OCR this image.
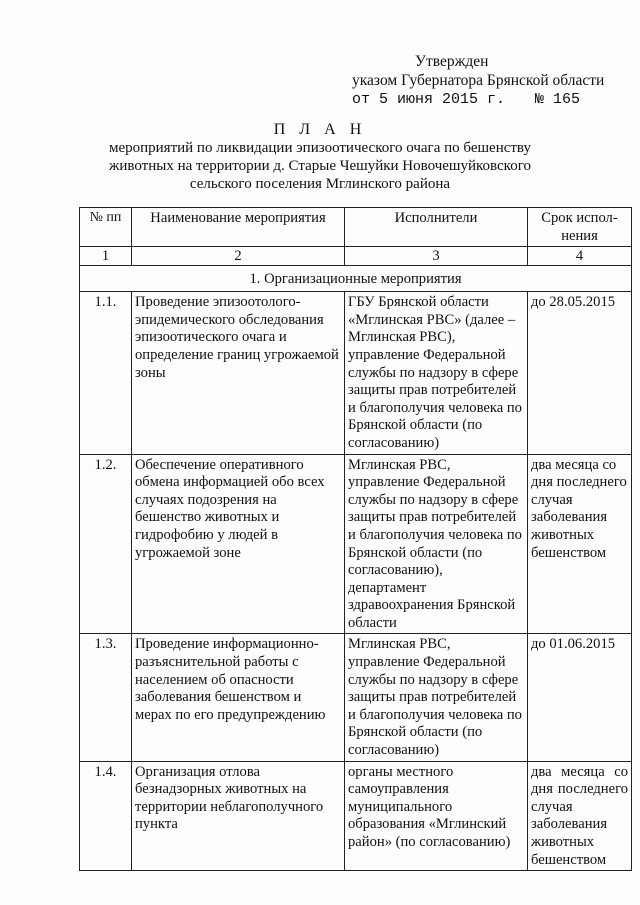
Утвержден
указом Губернатора Брянской области
от 5 июня 2015 г. № 165
П Л А Н
мероприятий по ликвидации эпизоотического очага по бешенству животных на территории д. Старые Чешуйки Новочешуйковского сельского поселения Мглинского района
№ пп	Наименование мероприятия	Исполнители	Срок испол-нения
1	2	3	4
1. Организационные мероприятия			
1.1.	Проведение эпизоотолого-эпидемического обследования эпизоотического очага и определение границ угрожаемой зоны	ГБУ Брянской области «Мглинская РВС» (далее – Мглинская РВС), управление Федеральной службы по надзору в сфере защиты прав потребителей и благополучия человека по Брянской области (по согласованию)	до 28.05.2015
1.2.	Обеспечение оперативного обмена информацией обо всех случаях подозрения на бешенство животных и гидрофобию у людей в угрожаемой зоне	Мглинская РВС, управление Федеральной службы по надзору в сфере защиты прав потребителей и благополучия человека по Брянской области (по согласованию), департамент здравоохранения Брянской области	два месяца со дня последнего случая заболевания животных бешенством
1.3.	Проведение информационно-разъяснительной работы с населением об опасности заболевания бешенством и мерах по его предупреждению	Мглинская РВС, управление Федеральной службы по надзору в сфере защиты прав потребителей и благополучия человека по Брянской области (по согласованию)	до 01.06.2015
1.4.	Организация отлова безнадзорных животных на территории неблагополучного пункта	органы местного самоуправления муниципального образования «Мглинский район» (по согласованию)	два месяца со дня последнего случая заболевания животных бешенством
